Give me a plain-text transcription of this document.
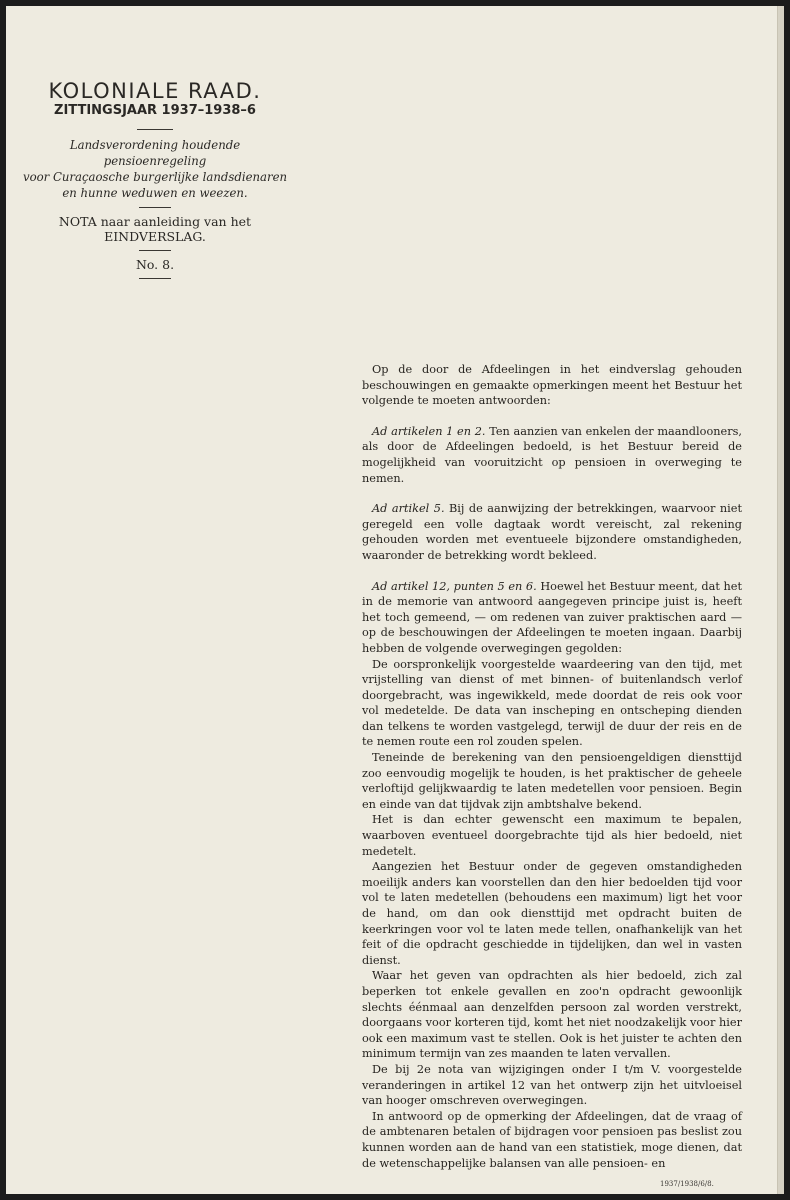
KOLONIALE RAAD.

ZITTINGSJAAR 1937–1938–6

Landsverordening houdende pensioenregeling

voor Curaçaosche burgerlijke landsdienaren

en hunne weduwen en weezen.

NOTA naar aanleiding van het

EINDVERSLAG.

No. 8.

Op de door de Afdeelingen in het eindverslag gehouden beschouwingen en gemaakte opmerkingen meent het Bestuur het volgende te moeten antwoorden:

Ad artikelen 1 en 2. Ten aanzien van enkelen der maandlooners, als door de Afdeelingen bedoeld, is het Bestuur bereid de mogelijkheid van vooruitzicht op pensioen in overweging te nemen.

Ad artikel 5. Bij de aanwijzing der betrekkingen, waarvoor niet geregeld een volle dagtaak wordt vereischt, zal rekening gehouden worden met eventueele bijzondere omstandigheden, waaronder de betrekking wordt bekleed.

Ad artikel 12, punten 5 en 6. Hoewel het Bestuur meent, dat het in de memorie van antwoord aangegeven principe juist is, heeft het toch gemeend, — om redenen van zuiver praktischen aard — op de beschouwingen der Afdeelingen te moeten ingaan. Daarbij hebben de volgende overwegingen gegolden:

De oorspronkelijk voorgestelde waardeering van den tijd, met vrijstelling van dienst of met binnen- of buitenlandsch verlof doorgebracht, was ingewikkeld, mede doordat de reis ook voor vol medetelde. De data van inscheping en ontscheping dienden dan telkens te worden vastgelegd, terwijl de duur der reis en de te nemen route een rol zouden spelen.

Teneinde de berekening van den pensioengeldigen diensttijd zoo eenvoudig mogelijk te houden, is het praktischer de geheele verloftijd gelijkwaardig te laten medetellen voor pensioen. Begin en einde van dat tijdvak zijn ambtshalve bekend.

Het is dan echter gewenscht een maximum te bepalen, waarboven eventueel doorgebrachte tijd als hier bedoeld, niet medetelt.

Aangezien het Bestuur onder de gegeven omstandigheden moeilijk anders kan voorstellen dan den hier bedoelden tijd voor vol te laten medetellen (behoudens een maximum) ligt het voor de hand, om dan ook diensttijd met opdracht buiten de keerkringen voor vol te laten mede tellen, onafhankelijk van het feit of die opdracht geschiedde in tijdelijken, dan wel in vasten dienst.

Waar het geven van opdrachten als hier bedoeld, zich zal beperken tot enkele gevallen en zoo'n opdracht gewoonlijk slechts éénmaal aan denzelfden persoon zal worden verstrekt, doorgaans voor korteren tijd, komt het niet noodzakelijk voor hier ook een maximum vast te stellen. Ook is het juister te achten den minimum termijn van zes maanden te laten vervallen.

De bij 2e nota van wijzigingen onder I t/m V. voorgestelde veranderingen in artikel 12 van het ontwerp zijn het uitvloeisel van hooger omschreven overwegingen.

In antwoord op de opmerking der Afdeelingen, dat de vraag of de ambtenaren betalen of bijdragen voor pensioen pas beslist zou kunnen worden aan de hand van een statistiek, moge dienen, dat de wetenschappelijke balansen van alle pensioen- en

1937/1938/6/8.
